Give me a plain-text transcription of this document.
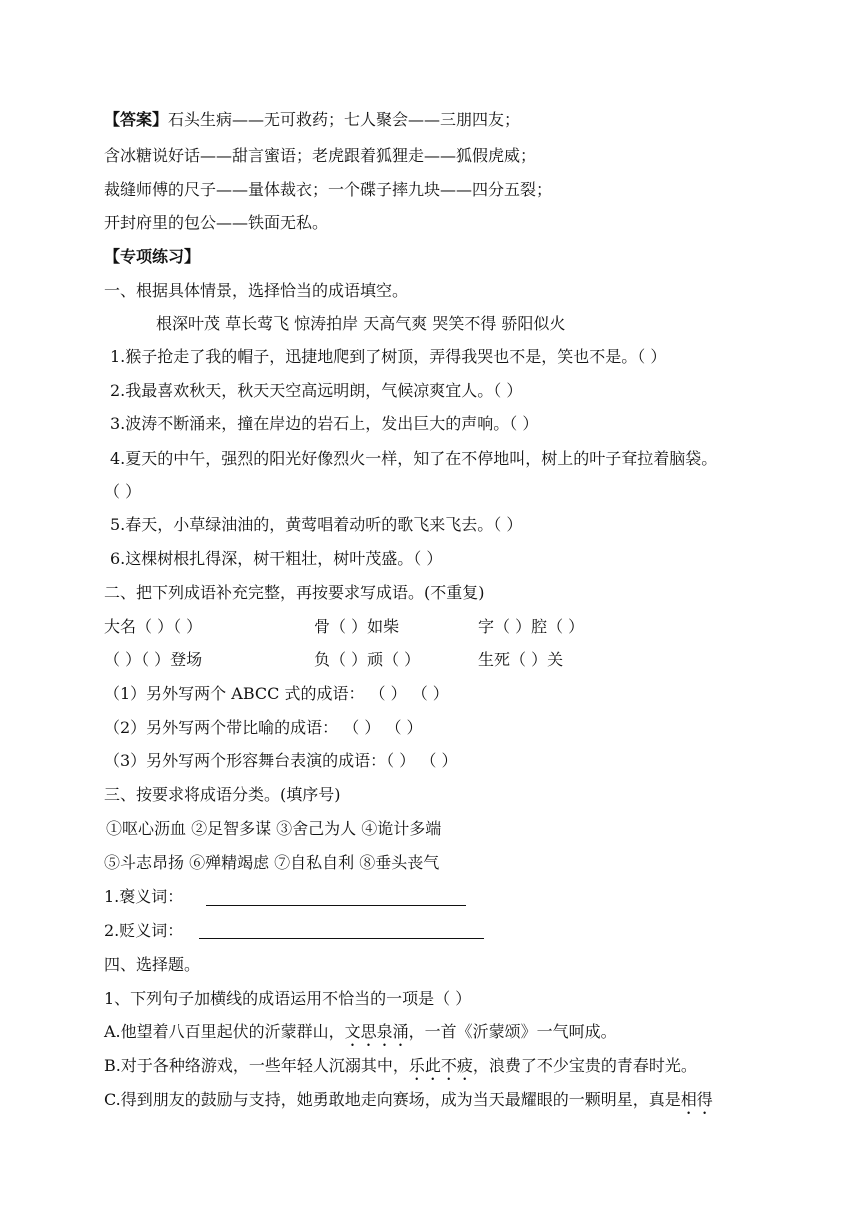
【答案】石头生病——无可救药；七人聚会——三朋四友；
含冰糖说好话——甜言蜜语；老虎跟着狐狸走——狐假虎威；
裁缝师傅的尺子——量体裁衣；一个碟子摔九块——四分五裂；
开封府里的包公——铁面无私。
【专项练习】
一、根据具体情景，选择恰当的成语填空。
根深叶茂 草长莺飞 惊涛拍岸 天高气爽 哭笑不得 骄阳似火
1.猴子抢走了我的帽子，迅捷地爬到了树顶，弄得我哭也不是，笑也不是。（ ）
2.我最喜欢秋天，秋天天空高远明朗，气候凉爽宜人。（ ）
3.波涛不断涌来，撞在岸边的岩石上，发出巨大的声响。（ ）
4.夏天的中午，强烈的阳光好像烈火一样，知了在不停地叫，树上的叶子耷拉着脑袋。
（ ）
5.春天，小草绿油油的，黄莺唱着动听的歌飞来飞去。（ ）
6.这棵树根扎得深，树干粗壮，树叶茂盛。（ ）
二、把下列成语补充完整，再按要求写成语。(不重复)
大名（ ）（ ）	骨（ ）如柴	字（ ）腔（ ）
（ ）（ ）登场	负（ ）顽（ ）	生死（ ）关
（1）另外写两个 ABCC 式的成语： （ ） （ ）
（2）另外写两个带比喻的成语： （ ） （ ）
（3）另外写两个形容舞台表演的成语：（ ） （ ）
三、按要求将成语分类。(填序号)
①呕心沥血 ②足智多谋 ③舍己为人 ④诡计多端
⑤斗志昂扬 ⑥殚精竭虑 ⑦自私自利 ⑧垂头丧气
1.褒义词：
2.贬义词：
四、选择题。
1、下列句子加横线的成语运用不恰当的一项是（ ）
A.他望着八百里起伏的沂蒙群山，文思泉涌，一首《沂蒙颂》一气呵成。
B.对于各种络游戏，一些年轻人沉溺其中，乐此不疲，浪费了不少宝贵的青春时光。
C.得到朋友的鼓励与支持，她勇敢地走向赛场，成为当天最耀眼的一颗明星，真是相得
